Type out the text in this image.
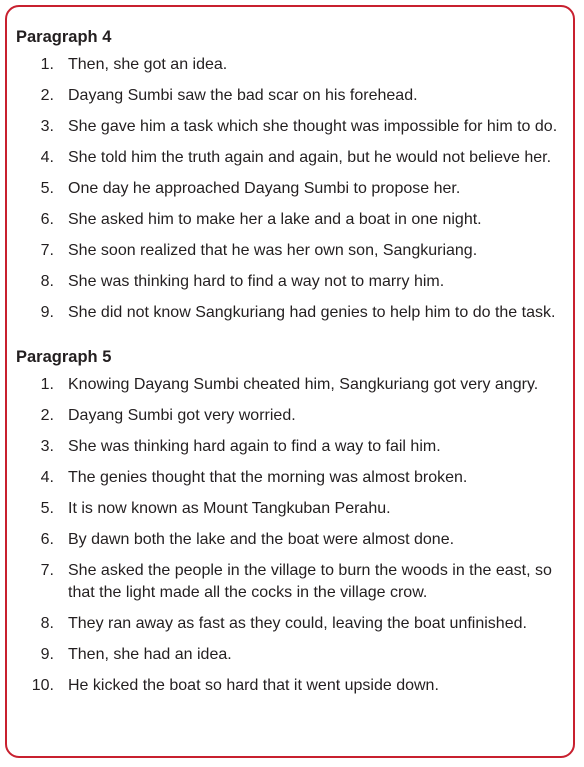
Paragraph 4
1. Then, she got an idea.
2. Dayang Sumbi saw the bad scar on his forehead.
3. She gave him a task which she thought was impossible for him to do.
4. She told him the truth again and again, but he would not believe her.
5. One day he approached Dayang Sumbi to propose her.
6. She asked him to make her a lake and a boat in one night.
7. She soon realized that he was her own son, Sangkuriang.
8. She was thinking hard to find a way not to marry him.
9. She did not know Sangkuriang had genies to help him to do the task.
Paragraph 5
1. Knowing Dayang Sumbi cheated him, Sangkuriang got very angry.
2. Dayang Sumbi got very worried.
3. She was thinking hard again to find a way to fail him.
4. The genies thought that the morning was almost broken.
5. It is now known as Mount Tangkuban Perahu.
6. By dawn both the lake and the boat were almost done.
7. She asked the people in the village to burn the woods in the east, so that the light made all the cocks in the village crow.
8. They ran away as fast as they could, leaving the boat unfinished.
9. Then, she had an idea.
10. He kicked the boat so hard that it went upside down.
